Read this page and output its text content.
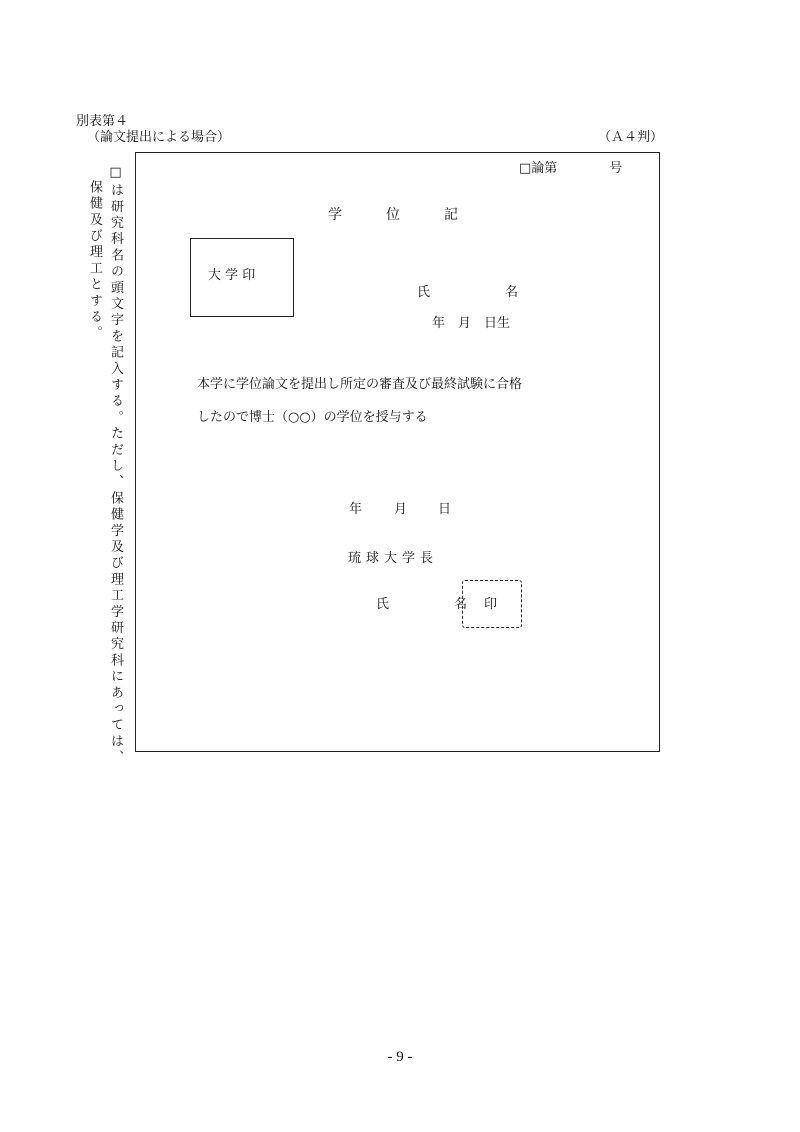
別表第４
（論文提出による場合）	（Ａ４判）
□は研究科名の頭文字を記入する。ただし、保健学及び理工学研究科にあっては、
保健及び理工とする。
□論第　　　　号
学	位	記
大 学 印
氏	名
年　月　日生
本学に学位論文を提出し所定の審査及び最終試験に合格
したので博士（○○）の学位を授与する
年 月 日
琉球大学長
氏	名 印
- 9 -
